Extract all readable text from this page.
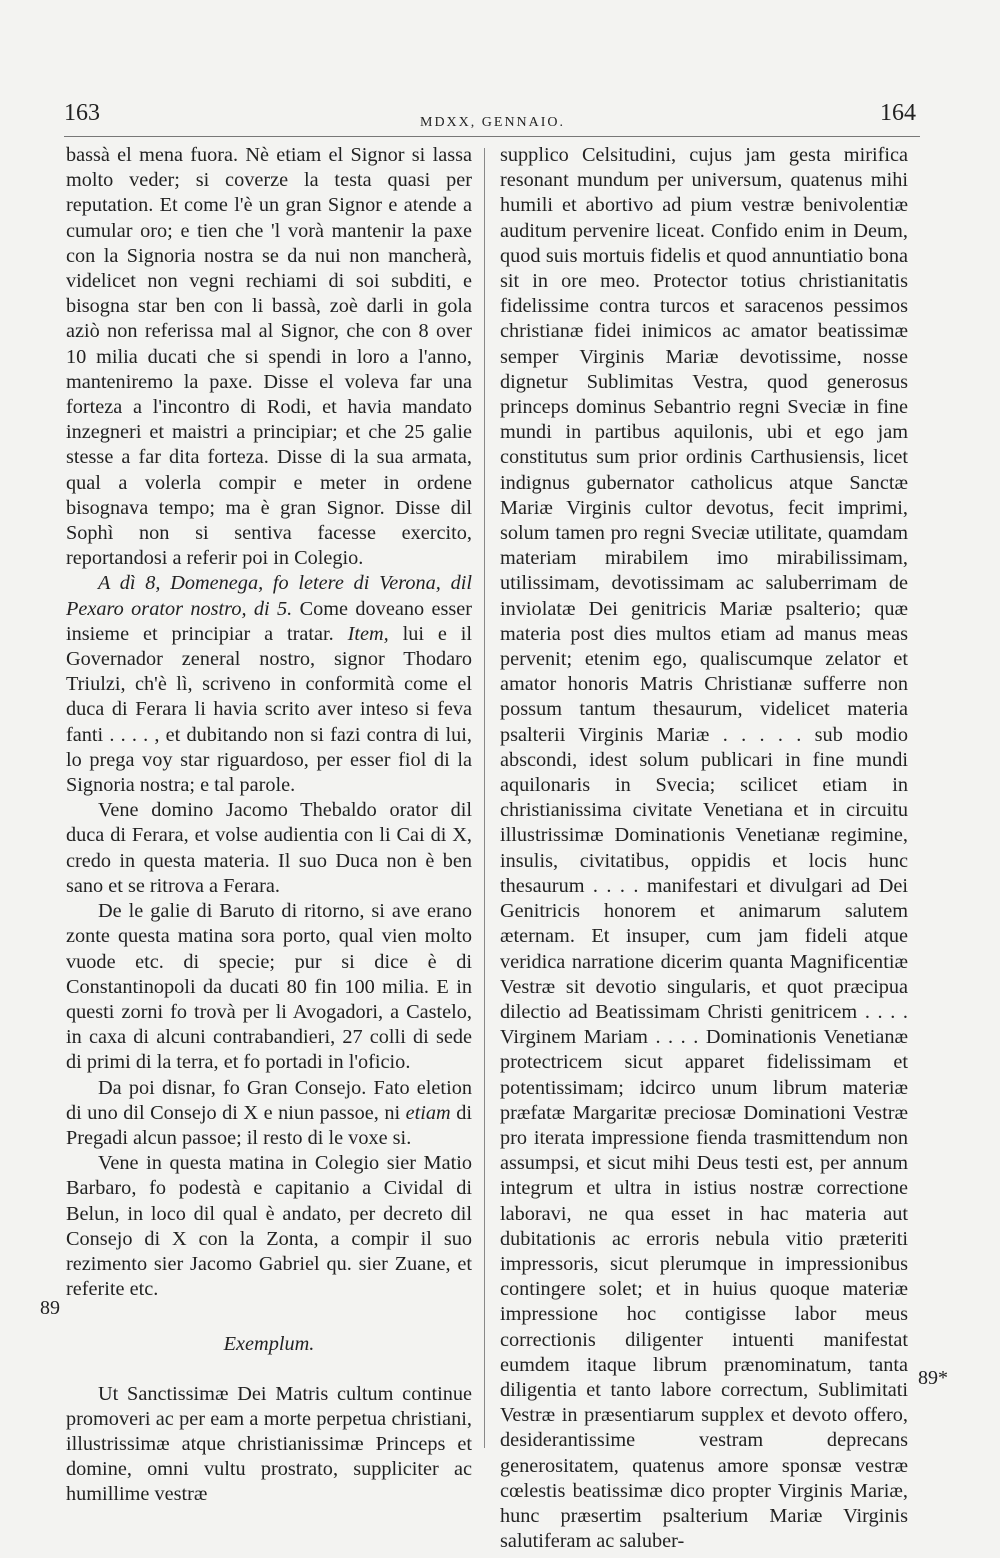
163	MDXX, GENNAIO.	164

bassà el mena fuora. Nè etiam el Signor si lassa molto veder; si coverze la testa quasi per reputation. Et come l'è un gran Signor e atende a cumular oro; e tien che 'l vorà mantenir la paxe con la Signoria nostra se da nui non mancherà, videlicet non vegni rechiami di soi subditi, e bisogna star ben con li bassà, zoè darli in gola aziò non referissa mal al Signor, che con 8 over 10 milia ducati che si spendi in loro a l'anno, manteniremo la paxe. Disse el voleva far una forteza a l'incontro di Rodi, et havia mandato inzegneri et maistri a principiar; et che 25 galie stesse a far dita forteza. Disse di la sua armata, qual a volerla compir e meter in ordene bisognava tempo; ma è gran Signor. Disse dil Sophì non si sentiva facesse exercito, reportandosi a referir poi in Colegio.

A dì 8, Domenega, fo letere di Verona, dil Pexaro orator nostro, di 5. Come doveano esser insieme et principiar a tratar. Item, lui e il Governador zeneral nostro, signor Thodaro Triulzi, ch'è lì, scriveno in conformità come el duca di Ferara li havia scrito aver inteso si feva fanti . . . . , et dubitando non si fazi contra di lui, lo prega voy star riguardoso, per esser fiol di la Signoria nostra; e tal parole.

Vene domino Jacomo Thebaldo orator dil duca di Ferara, et volse audientia con li Cai di X, credo in questa materia. Il suo Duca non è ben sano et se ritrova a Ferara.

De le galie di Baruto di ritorno, si ave erano zonte questa matina sora porto, qual vien molto vuode etc. di specie; pur si dice è di Constantinopoli da ducati 80 fin 100 milia. E in questi zorni fo trovà per li Avogadori, a Castelo, in caxa di alcuni contrabandieri, 27 colli di sede di primi di la terra, et fo portadi in l'oficio.

Da poi disnar, fo Gran Consejo. Fato eletion di uno dil Consejo di X e niun passoe, ni etiam di Pregadi alcun passoe; il resto di le voxe si.

Vene in questa matina in Colegio sier Matio Barbaro, fo podestà e capitanio a Cividal di Belun, in loco dil qual è andato, per decreto dil Consejo di X con la Zonta, a compir il suo rezimento sier Jacomo Gabriel qu. sier Zuane, et referite etc.

Exemplum.

Ut Sanctissimæ Dei Matris cultum continue promoveri ac per eam a morte perpetua christiani, illustrissimæ atque christianissimæ Princeps et domine, omni vultu prostrato, suppliciter ac humillime vestræ

supplico Celsitudini, cujus jam gesta mirifica resonant mundum per universum, quatenus mihi humili et abortivo ad pium vestræ benivolentiæ auditum pervenire liceat. Confido enim in Deum, quod suis mortuis fidelis et quod annuntiatio bona sit in ore meo. Protector totius christianitatis fidelissime contra turcos et saracenos pessimos christianæ fidei inimicos ac amator beatissimæ semper Virginis Mariæ devotissime, nosse dignetur Sublimitas Vestra, quod generosus princeps dominus Sebantrio regni Sveciæ in fine mundi in partibus aquilonis, ubi et ego jam constitutus sum prior ordinis Carthusiensis, licet indignus gubernator catholicus atque Sanctæ Mariæ Virginis cultor devotus, fecit imprimi, solum tamen pro regni Sveciæ utilitate, quamdam materiam mirabilem imo mirabilissimam, utilissimam, devotissimam ac saluberrimam de inviolatæ Dei genitricis Mariæ psalterio; quæ materia post dies multos etiam ad manus meas pervenit; etenim ego, qualiscumque zelator et amator honoris Matris Christianæ sufferre non possum tantum thesaurum, videlicet materia psalterii Virginis Mariæ . . . . . sub modio abscondi, idest solum publicari in fine mundi aquilonaris in Svecia; scilicet etiam in christianissima civitate Venetiana et in circuitu illustrissimæ Dominationis Venetianæ regimine, insulis, civitatibus, oppidis et locis hunc thesaurum . . . . manifestari et divulgari ad Dei Genitricis honorem et animarum salutem æternam. Et insuper, cum jam fideli atque veridica narratione dicerim quanta Magnificentiæ Vestræ sit devotio singularis, et quot præcipua dilectio ad Beatissimam Christi genitricem . . . . Virginem Mariam . . . . Dominationis Venetianæ protectricem sicut apparet fidelissimam et potentissimam; idcirco unum librum materiæ præfatæ Margaritæ preciosæ Dominationi Vestræ pro iterata impressione fienda trasmittendum non assumpsi, et sicut mihi Deus testi est, per annum integrum et ultra in istius nostræ correctione laboravi, ne qua esset in hac materia aut dubitationis ac erroris nebula vitio præteriti impressoris, sicut plerumque in impressionibus contingere solet; et in huius quoque materiæ impressione hoc contigisse labor meus correctionis diligenter intuenti manifestat eumdem itaque librum prænominatum, tanta diligentia et tanto labore correctum, Sublimitati Vestræ in præsentiarum supplex et devoto offero, desiderantissime vestram deprecans generositatem, quatenus amore sponsæ vestræ cœlestis beatissimæ dico propter Virginis Mariæ, hunc præsertim psalterium Mariæ Virginis salutiferam ac saluber-

89
89*
